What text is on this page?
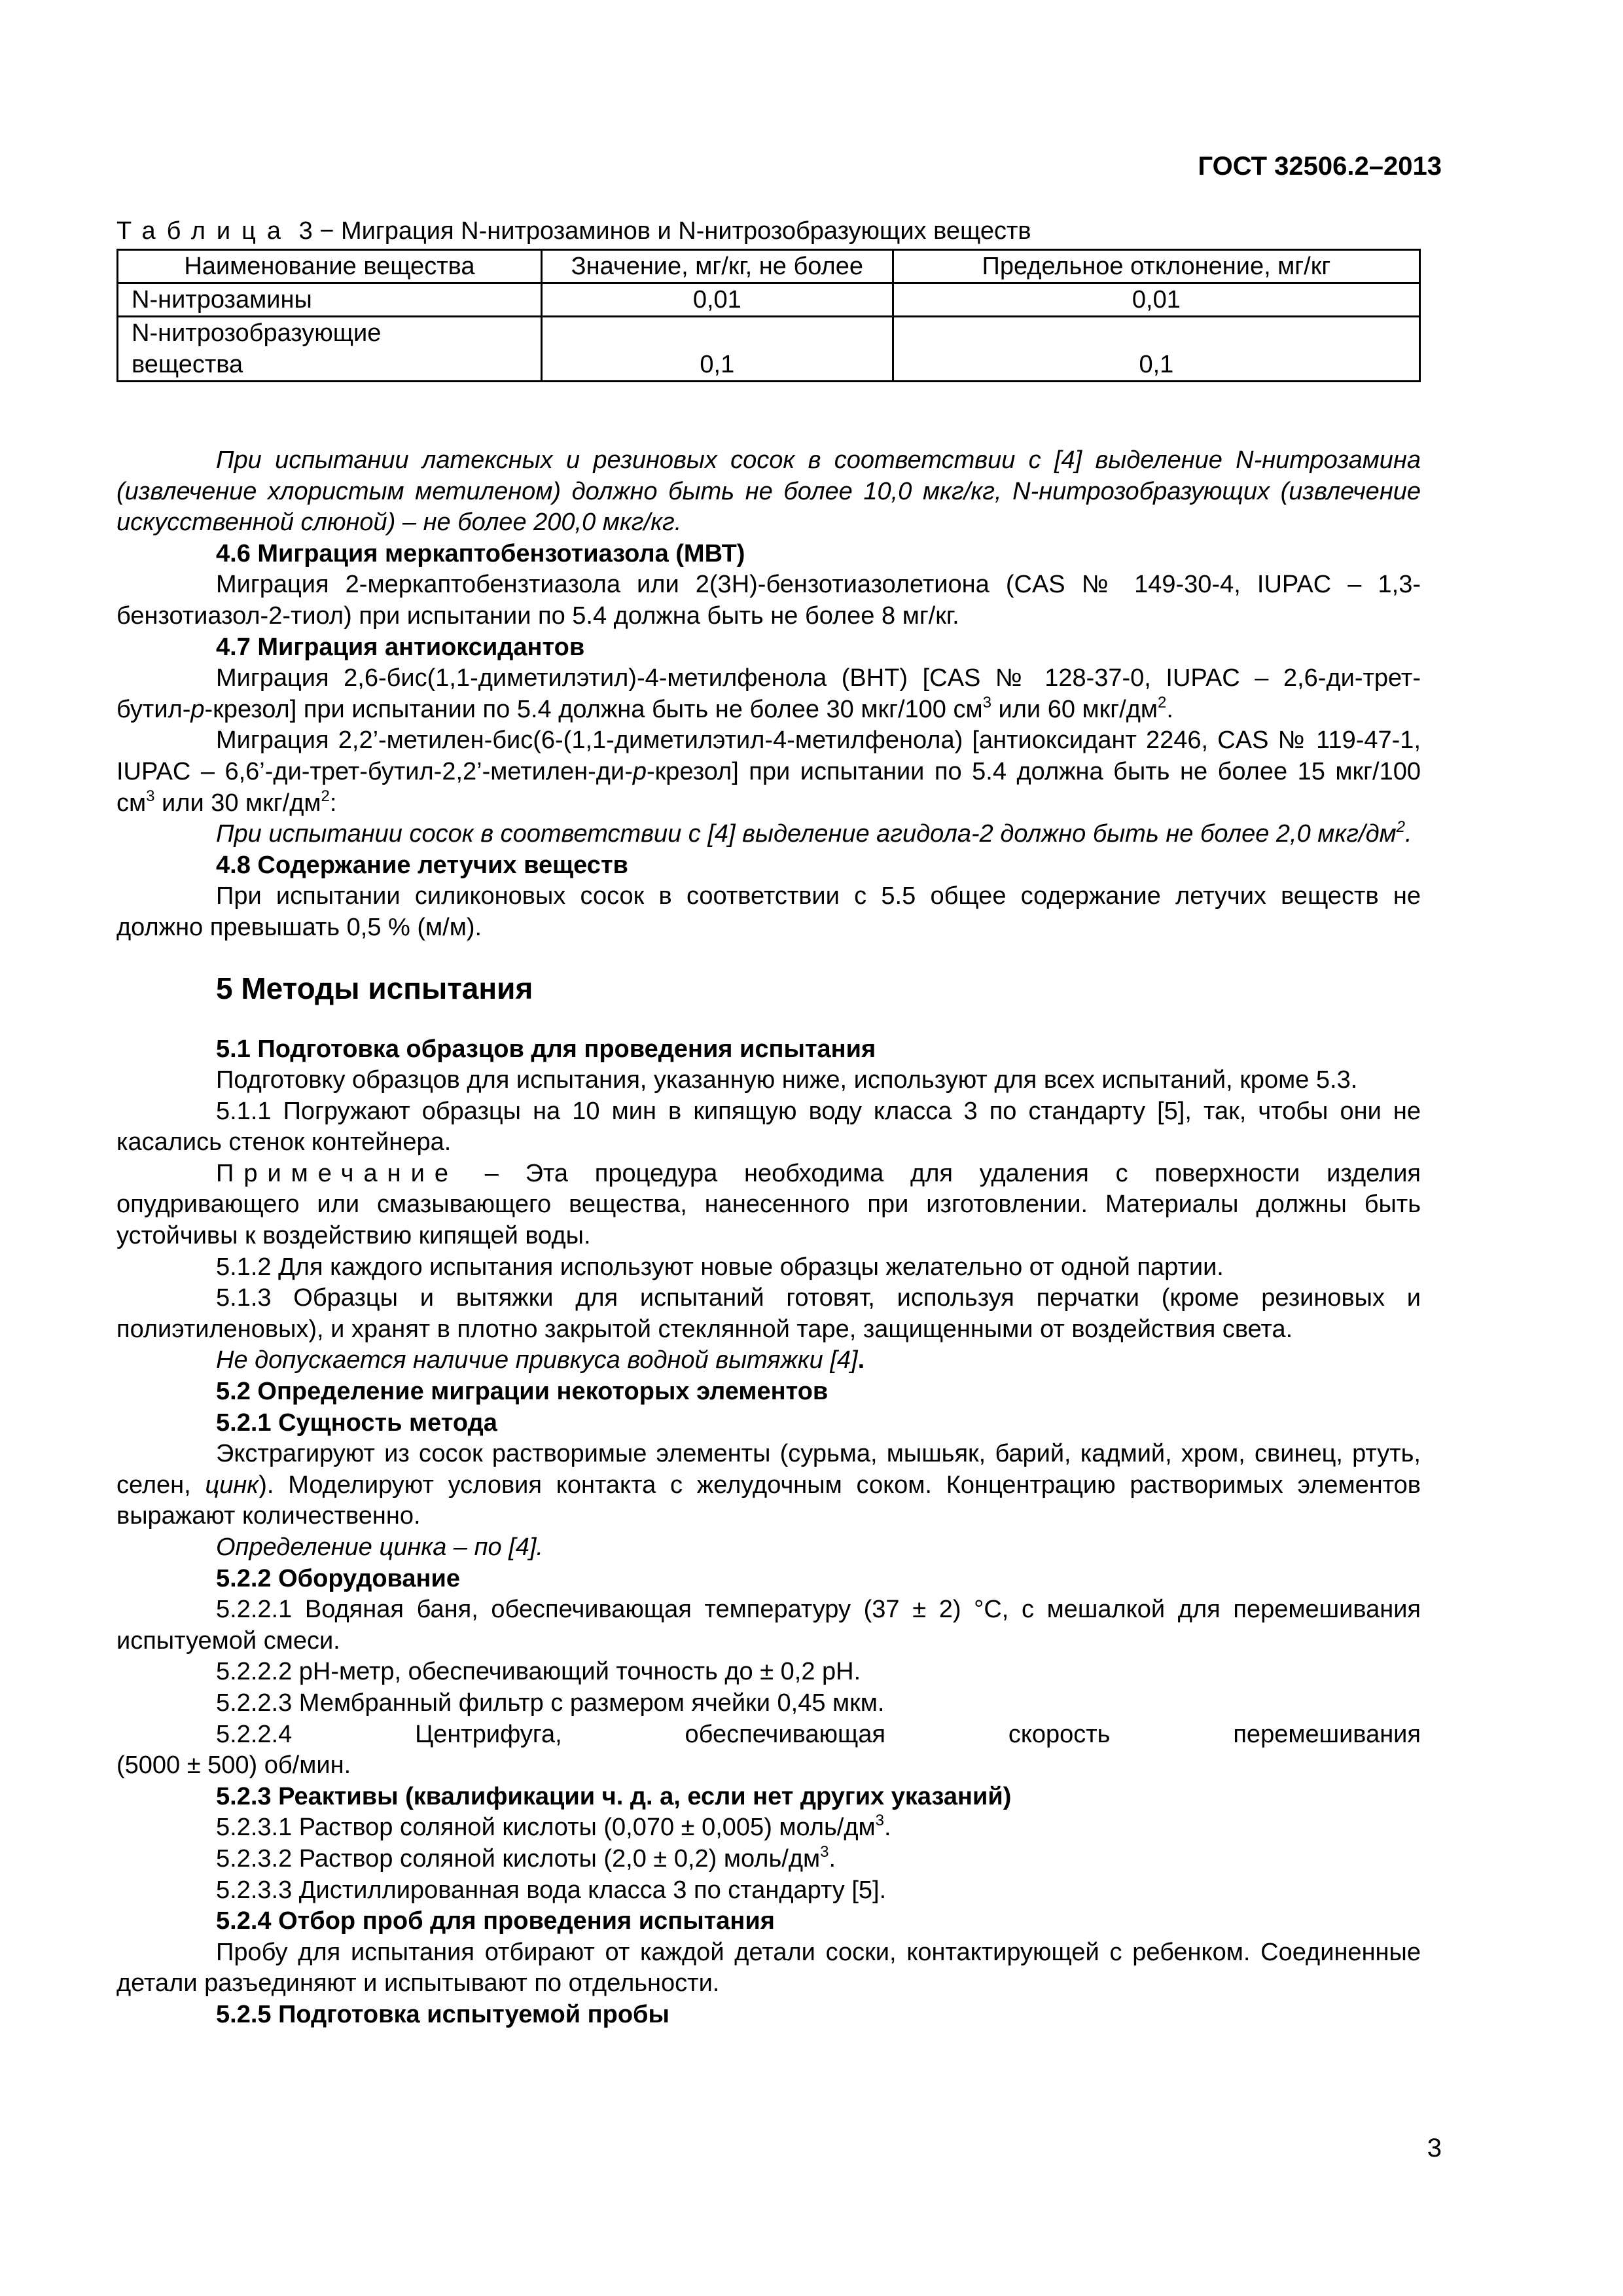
ГОСТ 32506.2–2013
Таблица 3 − Миграция N-нитрозаминов и N-нитрозобразующих веществ
Наименование вещества	Значение, мг/кг, не более	Предельное отклонение, мг/кг
N-нитрозамины	0,01	0,01
N-нитрозобразующие вещества	0,1	0,1

При испытании латексных и резиновых сосок в соответствии с [4] выделение N-нитрозамина (извлечение хлористым метиленом) должно быть не более 10,0 мкг/кг, N-нитрозобразующих (извлечение искусственной слюной) – не более 200,0 мкг/кг.

4.6 Миграция меркаптобензотиазола (МВТ)

Миграция 2-меркаптобензтиазола или 2(3H)-бензотиазолетиона (CAS № 149-30-4, IUPAC – 1,3-бензотиазол-2-тиол) при испытании по 5.4 должна быть не более 8 мг/кг.

4.7 Миграция антиоксидантов

Миграция 2,6-бис(1,1-диметилэтил)-4-метилфенола (ВНТ) [CAS № 128-37-0, IUPAC – 2,6-ди-трет-бутил-p-крезол] при испытании по 5.4 должна быть не более 30 мкг/100 $см^3$ или 60 мкг/$дм^2$.

Миграция 2,2’-метилен-бис(6-(1,1-диметилэтил-4-метилфенола) [антиоксидант 2246, CAS № 119-47-1, IUPAC – 6,6’-ди-трет-бутил-2,2’-метилен-ди-p-крезол] при испытании по 5.4 должна быть не более 15 мкг/100 $см^3$ или 30 мкг/$дм^2$:

При испытании сосок в соответствии с [4] выделение агидола-2 должно быть не более 2,0 мкг/$дм^2$.

4.8 Содержание летучих веществ

При испытании силиконовых сосок в соответствии с 5.5 общее содержание летучих веществ не должно превышать 0,5 % (м/м).

5 Методы испытания

5.1 Подготовка образцов для проведения испытания

Подготовку образцов для испытания, указанную ниже, используют для всех испытаний, кроме 5.3.

5.1.1 Погружают образцы на 10 мин в кипящую воду класса 3 по стандарту [5], так, чтобы они не касались стенок контейнера.

Примечание – Эта процедура необходима для удаления с поверхности изделия опудривающего или смазывающего вещества, нанесенного при изготовлении. Материалы должны быть устойчивы к воздействию кипящей воды.

5.1.2 Для каждого испытания используют новые образцы желательно от одной партии.

5.1.3 Образцы и вытяжки для испытаний готовят, используя перчатки (кроме резиновых и полиэтиленовых), и хранят в плотно закрытой стеклянной таре, защищенными от воздействия света.

Не допускается наличие привкуса водной вытяжки [4].

5.2 Определение миграции некоторых элементов

5.2.1 Сущность метода

Экстрагируют из сосок растворимые элементы (сурьма, мышьяк, барий, кадмий, хром, свинец, ртуть, селен, цинк). Моделируют условия контакта с желудочным соком. Концентрацию растворимых элементов выражают количественно.

Определение цинка – по [4].

5.2.2 Оборудование

5.2.2.1 Водяная баня, обеспечивающая температуру (37 ± 2) °С, с мешалкой для перемешивания испытуемой смеси.

5.2.2.2 pH-метр, обеспечивающий точность до ± 0,2 pH.

5.2.2.3 Мембранный фильтр с размером ячейки 0,45 мкм.

5.2.2.4 Центрифуга, обеспечивающая скорость перемешивания

(5000 ± 500) об/мин.

5.2.3 Реактивы (квалификации ч. д. а, если нет других указаний)

5.2.3.1 Раствор соляной кислоты (0,070 ± 0,005) моль/$дм^3$.

5.2.3.2 Раствор соляной кислоты (2,0 ± 0,2) моль/$дм^3$.

5.2.3.3 Дистиллированная вода класса 3 по стандарту [5].

5.2.4 Отбор проб для проведения испытания

Пробу для испытания отбирают от каждой детали соски, контактирующей с ребенком. Соединенные детали разъединяют и испытывают по отдельности.

5.2.5 Подготовка испытуемой пробы

3
